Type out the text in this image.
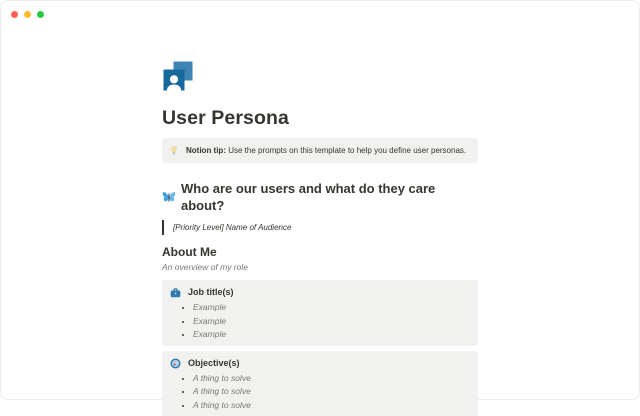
User Persona
Notion tip: Use the prompts on this template to help you define user personas.
Who are our users and what do they care about?
[Priority Level] Name of Audience
About Me
An overview of my role
Job title(s)
• Example
• Example
• Example
Objective(s)
• A thing to solve
• A thing to solve
• A thing to solve
